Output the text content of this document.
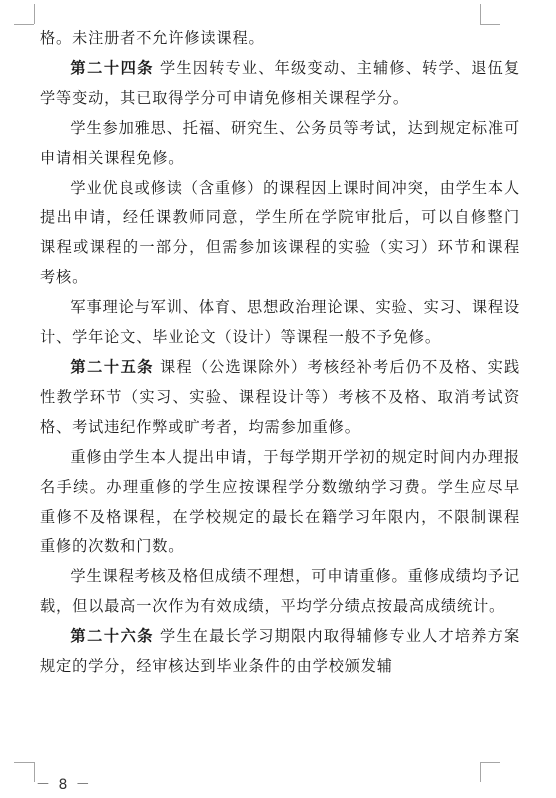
格。未注册者不允许修读课程。

第二十四条 学生因转专业、年级变动、主辅修、转学、退伍复学等变动，其已取得学分可申请免修相关课程学分。

学生参加雅思、托福、研究生、公务员等考试，达到规定标准可申请相关课程免修。

学业优良或修读（含重修）的课程因上课时间冲突，由学生本人提出申请，经任课教师同意，学生所在学院审批后，可以自修整门课程或课程的一部分，但需参加该课程的实验（实习）环节和课程考核。

军事理论与军训、体育、思想政治理论课、实验、实习、课程设计、学年论文、毕业论文（设计）等课程一般不予免修。

第二十五条 课程（公选课除外）考核经补考后仍不及格、实践性教学环节（实习、实验、课程设计等）考核不及格、取消考试资格、考试违纪作弊或旷考者，均需参加重修。

重修由学生本人提出申请，于每学期开学初的规定时间内办理报名手续。办理重修的学生应按课程学分数缴纳学习费。学生应尽早重修不及格课程，在学校规定的最长在籍学习年限内，不限制课程重修的次数和门数。

学生课程考核及格但成绩不理想，可申请重修。重修成绩均予记载，但以最高一次作为有效成绩，平均学分绩点按最高成绩统计。

第二十六条 学生在最长学习期限内取得辅修专业人才培养方案规定的学分，经审核达到毕业条件的由学校颁发辅

－ 8 －
